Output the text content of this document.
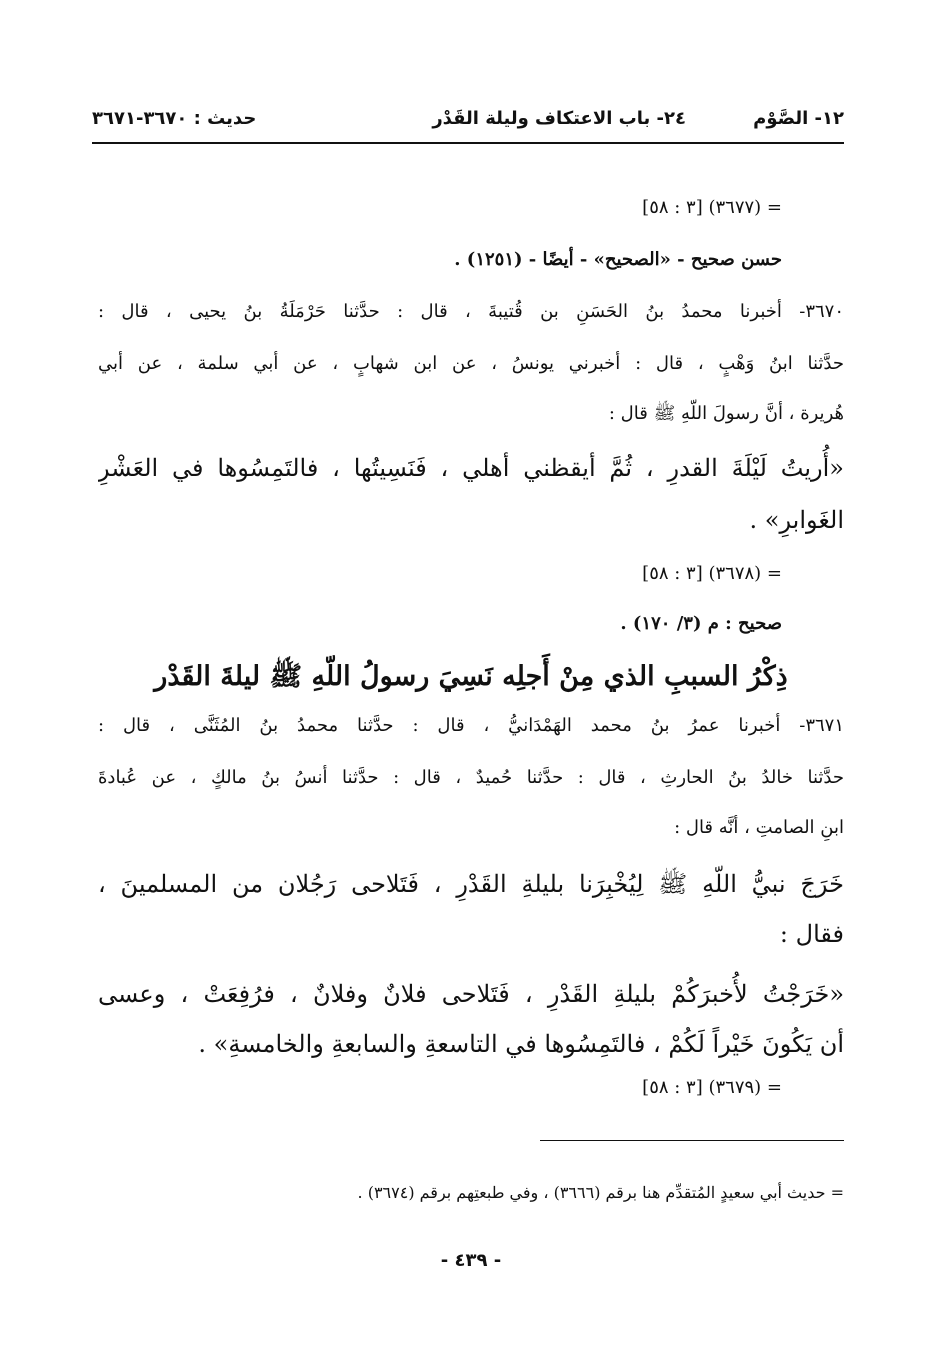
١٢- الصَّوْم
٢٤- باب الاعتكاف وليلة القَدْر
حديث : ٣٦٧٠-٣٦٧١
= (٣٦٧٧) [٣ : ٥٨]
حسن صحيح - «الصحيح» - أيضًا - (١٢٥١) .
٣٦٧٠- أخبرنا محمدُ بنُ الحَسَنِ بن قُتيبةَ ، قال : حدَّثنا حَرْمَلَةُ بنُ يحيى ، قال :
حدَّثنا ابنُ وَهْبٍ ، قال : أخبرني يونسُ ، عن ابن شهابٍ ، عن أبي سلمة ، عن أبي
هُريرة ، أنَّ رسولَ اللّهِ ﷺ قال :
«أُريتُ لَيْلَةَ القدرِ ، ثُمَّ أيقظني أهلي ، فَنَسِيتُها ، فالتَمِسُوها في العَشْرِ
الغَوابرِ» .
= (٣٦٧٨) [٣ : ٥٨]
صحيح : م (٣/ ١٧٠) .
ذِكْرُ السببِ الذي مِنْ أَجلِه نَسِيَ رسولُ اللّهِ ﷺ ليلةَ القَدْر
٣٦٧١- أخبرنا عمرُ بنُ محمد الهَمْدَانيُّ ، قال : حدَّثنا محمدُ بنُ المُثَنَّى ، قال :
حدَّثنا خالدُ بنُ الحارثِ ، قال : حدَّثنا حُميدٌ ، قال : حدَّثنا أنسُ بنُ مالكٍ ، عن عُبادةَ
ابنِ الصامتِ ، أنَّه قال :
خَرَجَ نبيُّ اللّهِ ﷺ لِيُخْبِرَنا بليلةِ القَدْرِ ، فَتَلاحى رَجُلان من المسلمينَ ،
فقال :
«خَرَجْتُ لأُخبرَكُمْ بليلةِ القَدْرِ ، فَتَلاحى فلانٌ وفلانٌ ، فرُفِعَتْ ، وعسى
أن يَكُونَ خَيْراً لَكُمْ ، فالتَمِسُوها في التاسعةِ والسابعةِ والخامسةِ» .
= (٣٦٧٩) [٣ : ٥٨]
= حديث أبي سعيدٍ المُتقدِّم هنا برقم (٣٦٦٦) ، وفي طبعتِهم برقم (٣٦٧٤) .
- ٤٣٩ -
